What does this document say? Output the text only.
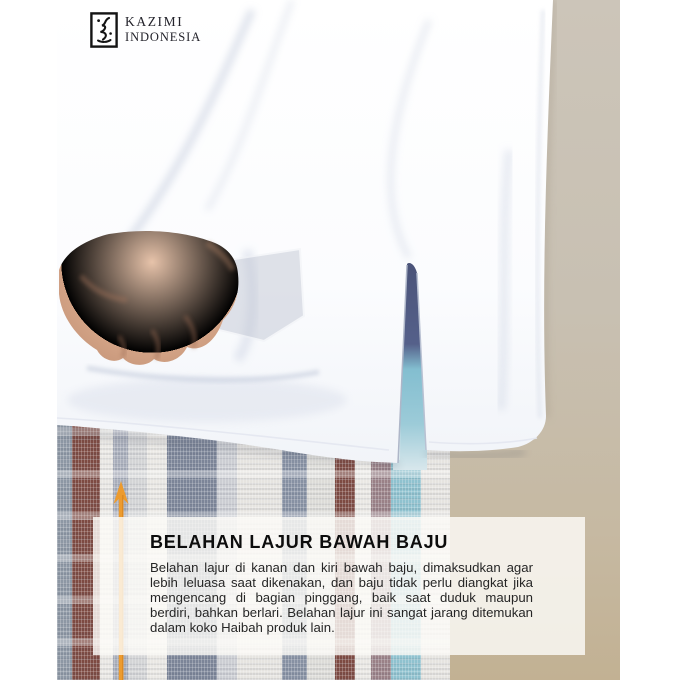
KAZIMI
INDONESIA
BELAHAN LAJUR BAWAH BAJU
Belahan lajur di kanan dan kiri bawah baju, dimaksudkan agar
lebih leluasa saat dikenakan, dan baju tidak perlu diangkat jika
mengencang di bagian pinggang, baik saat duduk maupun
berdiri, bahkan berlari. Belahan lajur ini sangat jarang ditemukan
dalam koko Haibah produk lain.
